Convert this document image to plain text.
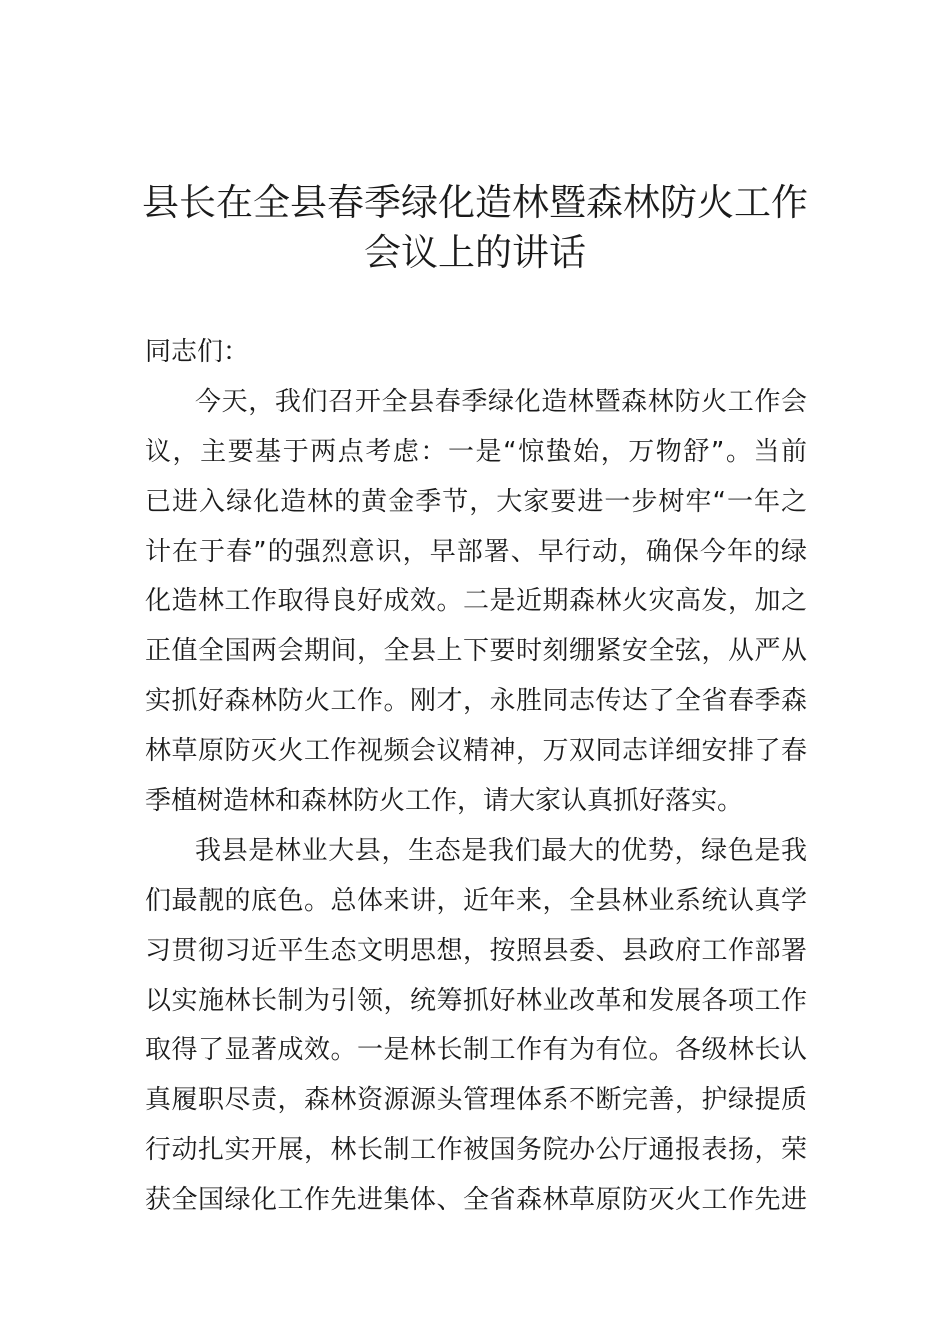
县长在全县春季绿化造林暨森林防火工作
会议上的讲话
同志们：
今天，我们召开全县春季绿化造林暨森林防火工作会
议，主要基于两点考虑：一是“惊蛰始，万物舒”。当前
已进入绿化造林的黄金季节，大家要进一步树牢“一年之
计在于春”的强烈意识，早部署、早行动，确保今年的绿
化造林工作取得良好成效。二是近期森林火灾高发，加之
正值全国两会期间，全县上下要时刻绷紧安全弦，从严从
实抓好森林防火工作。刚才，永胜同志传达了全省春季森
林草原防灭火工作视频会议精神，万双同志详细安排了春
季植树造林和森林防火工作，请大家认真抓好落实。
我县是林业大县，生态是我们最大的优势，绿色是我
们最靓的底色。总体来讲，近年来，全县林业系统认真学
习贯彻习近平生态文明思想，按照县委、县政府工作部署
以实施林长制为引领，统筹抓好林业改革和发展各项工作
取得了显著成效。一是林长制工作有为有位。各级林长认
真履职尽责，森林资源源头管理体系不断完善，护绿提质
行动扎实开展，林长制工作被国务院办公厅通报表扬，荣
获全国绿化工作先进集体、全省森林草原防灭火工作先进
